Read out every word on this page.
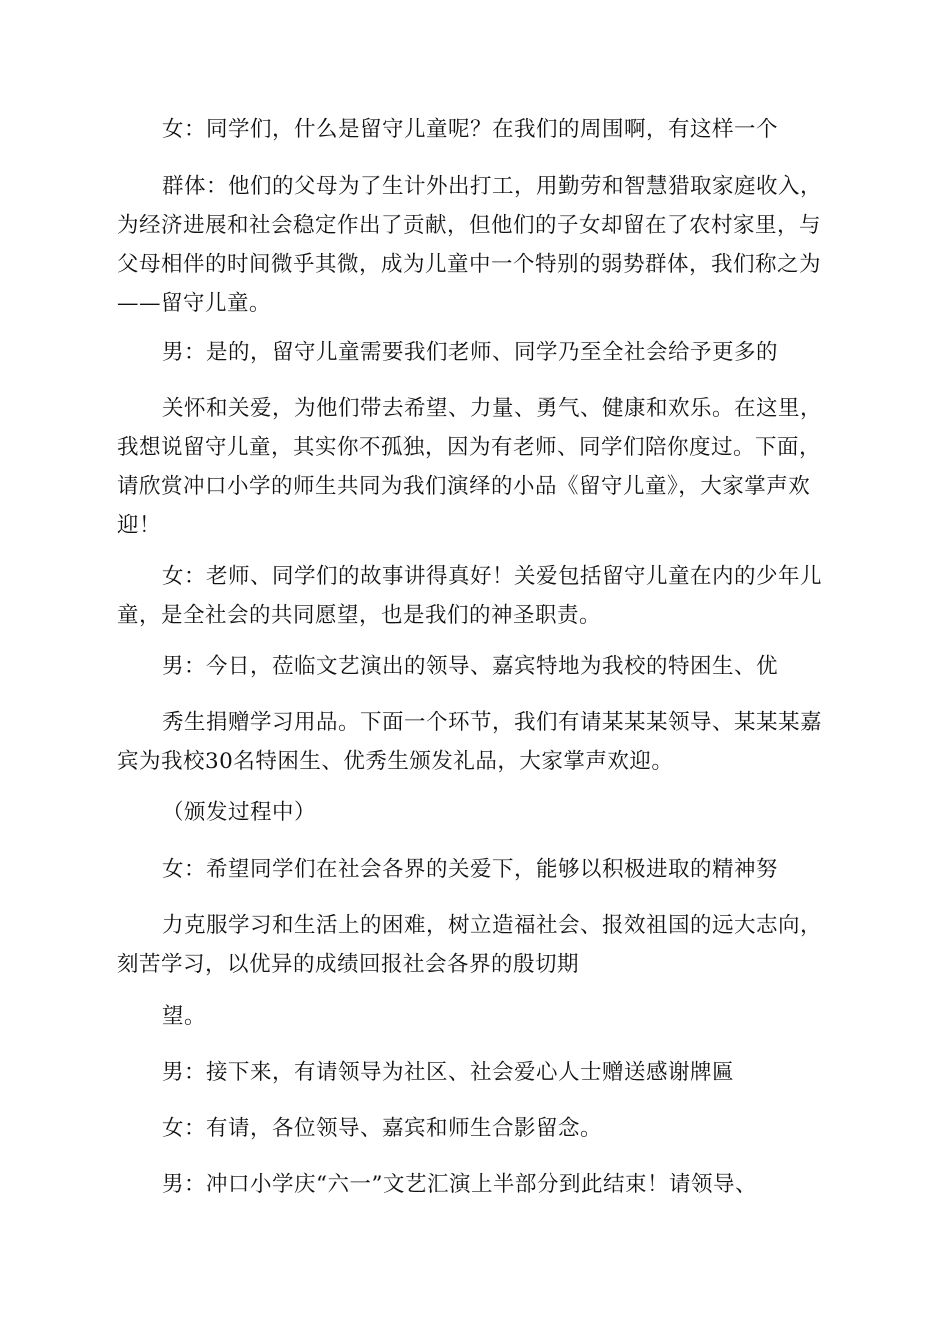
女：同学们，什么是留守儿童呢？在我们的周围啊，有这样一个

群体：他们的父母为了生计外出打工，用勤劳和智慧猎取家庭收入，为经济进展和社会稳定作出了贡献，但他们的子女却留在了农村家里，与父母相伴的时间微乎其微，成为儿童中一个特别的弱势群体，我们称之为——留守儿童。

男：是的，留守儿童需要我们老师、同学乃至全社会给予更多的

关怀和关爱，为他们带去希望、力量、勇气、健康和欢乐。在这里，我想说留守儿童，其实你不孤独，因为有老师、同学们陪你度过。下面，请欣赏冲口小学的师生共同为我们演绎的小品《留守儿童》，大家掌声欢迎！

女：老师、同学们的故事讲得真好！关爱包括留守儿童在内的少年儿童，是全社会的共同愿望，也是我们的神圣职责。

男：今日，莅临文艺演出的领导、嘉宾特地为我校的特困生、优

秀生捐赠学习用品。下面一个环节，我们有请某某某领导、某某某嘉宾为我校30名特困生、优秀生颁发礼品，大家掌声欢迎。

（颁发过程中）

女：希望同学们在社会各界的关爱下，能够以积极进取的精神努

力克服学习和生活上的困难，树立造福社会、报效祖国的远大志向，刻苦学习，以优异的成绩回报社会各界的殷切期

望。

男：接下来，有请领导为社区、社会爱心人士赠送感谢牌匾

女：有请，各位领导、嘉宾和师生合影留念。

男：冲口小学庆“六一”文艺汇演上半部分到此结束！请领导、
